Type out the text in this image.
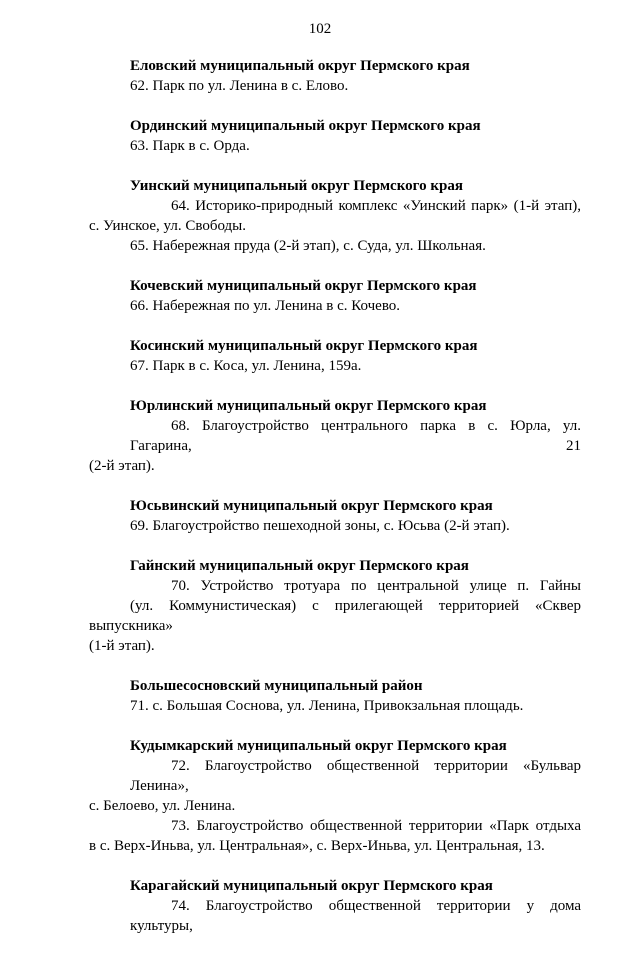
102
Еловский муниципальный округ Пермского края
62. Парк по ул. Ленина в с. Елово.
Ординский муниципальный округ Пермского края
63. Парк в с. Орда.
Уинский муниципальный округ Пермского края
64. Историко-природный комплекс «Уинский парк» (1-й этап),
с. Уинское, ул. Свободы.
65. Набережная пруда (2-й этап), с. Суда, ул. Школьная.
Кочевский муниципальный округ Пермского края
66. Набережная по ул. Ленина в с. Кочево.
Косинский муниципальный округ Пермского края
67. Парк в с. Коса, ул. Ленина, 159а.
Юрлинский муниципальный округ Пермского края
68. Благоустройство центрального парка в с. Юрла, ул. Гагарина, 21
(2-й этап).
Юсьвинский муниципальный округ Пермского края
69. Благоустройство пешеходной зоны, с. Юсьва (2-й этап).
Гайнский муниципальный округ Пермского края
70. Устройство тротуара по центральной улице п. Гайны
(ул. Коммунистическая) с прилегающей территорией «Сквер выпускника»
(1-й этап).
Большесосновский муниципальный район
71. с. Большая Соснова, ул. Ленина, Привокзальная площадь.
Кудымкарский муниципальный округ Пермского края
72. Благоустройство общественной территории «Бульвар Ленина»,
с. Белоево, ул. Ленина.
73. Благоустройство общественной территории «Парк отдыха
в с. Верх-Иньва, ул. Центральная», с. Верх-Иньва, ул. Центральная, 13.
Карагайский муниципальный округ Пермского края
74. Благоустройство общественной территории у дома культуры,
